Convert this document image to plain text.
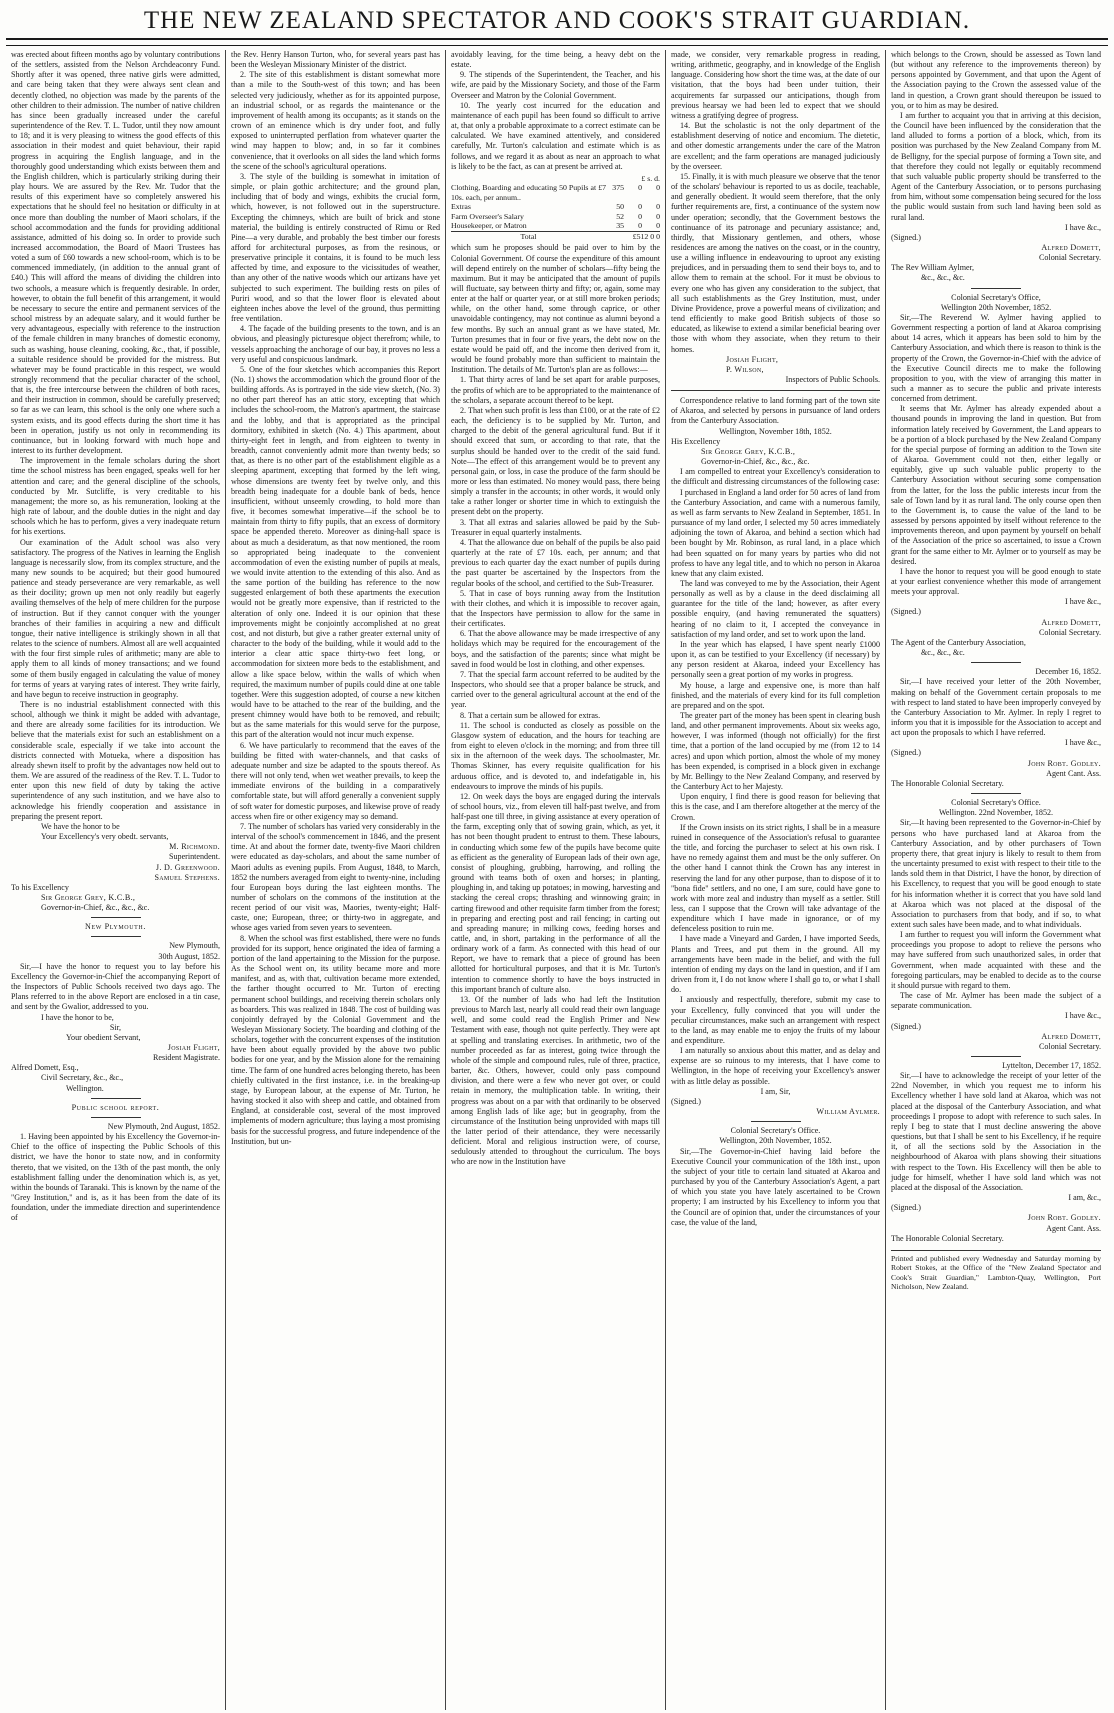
THE NEW ZEALAND SPECTATOR AND COOK'S STRAIT GUARDIAN.

was erected about fifteen months ago by voluntary contributions of the settlers, assisted from the Nelson Archdeaconry Fund. Shortly after it was opened, three native girls were admitted, and care being taken that they were always sent clean and decently clothed, no objection was made by the parents of the other children to their admission. The number of native children has since been gradually increased under the careful superintendence of the Rev. T. L. Tudor, until they now amount to 18; and it is very pleasing to witness the good effects of this association in their modest and quiet behaviour, their rapid progress in acquiring the English language, and in the thoroughly good understanding which exists between them and the English children, which is particularly striking during their play hours. We are assured by the Rev. Mr. Tudor that the results of this experiment have so completely answered his expectations that he should feel no hesitation or difficulty in at once more than doubling the number of Maori scholars, if the school accommodation and the funds for providing additional assistance, admitted of his doing so. In order to provide such increased accommodation, the Board of Maori Trustees has voted a sum of £60 towards a new school-room, which is to be commenced immediately, (in addition to the annual grant of £40.) This will afford the means of dividing the children into two schools, a measure which is frequently desirable. In order, however, to obtain the full benefit of this arrangement, it would be necessary to secure the entire and permanent services of the school mistress by an adequate salary, and it would further be very advantageous, especially with reference to the instruction of the female children in many branches of domestic economy, such as washing, house cleaning, cooking, &c., that, if possible, a suitable residence should be provided for the mistress. But whatever may be found practicable in this respect, we would strongly recommend that the peculiar character of the school, that is, the free intercourse between the children of both races, and their instruction in common, should be carefully preserved; so far as we can learn, this school is the only one where such a system exists, and its good effects during the short time it has been in operation, justify us not only in recommending its continuance, but in looking forward with much hope and interest to its further development.

The improvement in the female scholars during the short time the school mistress has been engaged, speaks well for her attention and care; and the general discipline of the schools, conducted by Mr. Sutcliffe, is very creditable to his management; the more so, as his remuneration, looking at the high rate of labour, and the double duties in the night and day schools which he has to perform, gives a very inadequate return for his exertions.

Our examination of the Adult school was also very satisfactory. The progress of the Natives in learning the English language is necessarily slow, from its complex structure, and the many new sounds to be acquired; but their good humoured patience and steady perseverance are very remarkable, as well as their docility; grown up men not only readily but eagerly availing themselves of the help of mere children for the purpose of instruction. But if they cannot conquer with the younger branches of their families in acquiring a new and difficult tongue, their native intelligence is strikingly shown in all that relates to the science of numbers. Almost all are well acquainted with the four first simple rules of arithmetic; many are able to apply them to all kinds of money transactions; and we found some of them busily engaged in calculating the value of money for terms of years at varying rates of interest. They write fairly, and have begun to receive instruction in geography.

There is no industrial establishment connected with this school, although we think it might be added with advantage, and there are already some facilities for its introduction. We believe that the materials exist for such an establishment on a considerable scale, especially if we take into account the districts connected with Motueka, where a disposition has already shewn itself to profit by the advantages now held out to them. We are assured of the readiness of the Rev. T. L. Tudor to enter upon this new field of duty by taking the active superintendence of any such institution, and we have also to acknowledge his friendly cooperation and assistance in preparing the present report.

We have the honor to be

Your Excellency's very obedt. servants,

M. Richmond.

Superintendent.

J. D. Greenwood.

Samuel Stephens.

To his Excellency

Sir George Grey, K.C.B.,

Governor-in-Chief, &c., &c., &c.

New Plymouth.

New Plymouth,

30th August, 1852.

Sir,—I have the honor to request you to lay before his Excellency the Governor-in-Chief the accompanying Report of the Inspectors of Public Schools received two days ago. The Plans referred to in the above Report are enclosed in a tin case, and sent by the Gwalior, addressed to you.

I have the honor to be,

Sir,

Your obedient Servant,

Josiah Flight,

Resident Magistrate.

Alfred Domett, Esq.,

Civil Secretary, &c., &c.,

Wellington.

Public school report.

New Plymouth, 2nd August, 1852.

1. Having been appointed by his Excellency the Governor-in-Chief to the office of inspecting the Public Schools of this district, we have the honor to state now, and in conformity thereto, that we visited, on the 13th of the past month, the only establishment falling under the denomination which is, as yet, within the bounds of Taranaki. This is known by the name of the "Grey Institution," and is, as it has been from the date of its foundation, under the immediate direction and superintendence of

the Rev. Henry Hanson Turton, who, for several years past has been the Wesleyan Missionary Minister of the district.

2. The site of this establishment is distant somewhat more than a mile to the South-west of this town; and has been selected very judiciously, whether as for its appointed purpose, an industrial school, or as regards the maintenance or the improvement of health among its occupants; as it stands on the crown of an eminence which is dry under foot, and fully exposed to uninterrupted perflation from whatever quarter the wind may happen to blow; and, in so far it combines convenience, that it overlooks on all sides the land which forms the scene of the school's agricultural operations.

3. The style of the building is somewhat in imitation of simple, or plain gothic architecture; and the ground plan, including that of body and wings, exhibits the crucial form, which, however, is not followed out in the superstructure. Excepting the chimneys, which are built of brick and stone material, the building is entirely constructed of Rimu or Red Pine—a very durable, and probably the best timber our forests afford for architectural purposes, as from the resinous, or preservative principle it contains, it is found to be much less affected by time, and exposure to the vicissitudes of weather, than any other of the native woods which our artizans have yet subjected to such experiment. The building rests on piles of Puriri wood, and so that the lower floor is elevated about eighteen inches above the level of the ground, thus permitting free ventilation.

4. The façade of the building presents to the town, and is an obvious, and pleasingly picturesque object therefrom; while, to vessels approaching the anchorage of our bay, it proves no less a very useful and conspicuous landmark.

5. One of the four sketches which accompanies this Report (No. 1) shows the accommodation which the ground floor of the building affords. As is portrayed in the side view sketch, (No. 3) no other part thereof has an attic story, excepting that which includes the school-room, the Matron's apartment, the staircase and the lobby, and that is appropriated as the principal dormitory, exhibited in sketch (No. 4.) This apartment, about thirty-eight feet in length, and from eighteen to twenty in breadth, cannot conveniently admit more than twenty beds; so that, as there is no other part of the establishment eligible as a sleeping apartment, excepting that formed by the left wing, whose dimensions are twenty feet by twelve only, and this breadth being inadequate for a double bank of beds, hence insufficient, without unseemly crowding, to hold more than five, it becomes somewhat imperative—if the school be to maintain from thirty to fifty pupils, that an excess of dormitory space be appended thereto. Moreover as dining-hall space is about as much a desideratum, as that now mentioned, the room so appropriated being inadequate to the convenient accommodation of even the existing number of pupils at meals, we would invite attention to the extending of this also. And as the same portion of the building has reference to the now suggested enlargement of both these apartments the execution would not be greatly more expensive, than if restricted to the alteration of only one. Indeed it is our opinion that these improvements might be conjointly accomplished at no great cost, and not disturb, but give a rather greater external unity of character to the body of the building, while it would add to the interior a clear attic space thirty-two feet long, or accommodation for sixteen more beds to the establishment, and allow a like space below, within the walls of which when required, the maximum number of pupils could dine at one table together. Were this suggestion adopted, of course a new kitchen would have to be attached to the rear of the building, and the present chimney would have both to be removed, and rebuilt; but as the same materials for this would serve for the purpose, this part of the alteration would not incur much expense.

6. We have particularly to recommend that the eaves of the building be fitted with water-channels, and that casks of adequate number and size be adapted to the spouts thereof. As there will not only tend, when wet weather prevails, to keep the immediate environs of the building in a comparatively comfortable state, but will afford generally a convenient supply of soft water for domestic purposes, and likewise prove of ready access when fire or other exigency may so demand.

7. The number of scholars has varied very considerably in the interval of the school's commencement in 1846, and the present time. At and about the former date, twenty-five Maori children were educated as day-scholars, and about the same number of Maori adults as evening pupils. From August, 1848, to March, 1852 the numbers averaged from eight to twenty-nine, including four European boys during the last eighteen months. The number of scholars on the commons of the institution at the recent period of our visit was, Maories, twenty-eight; Half-caste, one; European, three; or thirty-two in aggregate, and whose ages varied from seven years to seventeen.

8. When the school was first established, there were no funds provided for its support, hence originated the idea of farming a portion of the land appertaining to the Mission for the purpose. As the School went on, its utility became more and more manifest, and as, with that, cultivation became more extended, the farther thought occurred to Mr. Turton of erecting permanent school buildings, and receiving therein scholars only as boarders. This was realized in 1848. The cost of building was conjointly defrayed by the Colonial Government and the Wesleyan Missionary Society. The boarding and clothing of the scholars, together with the concurrent expenses of the institution have been about equally provided by the above two public bodies for one year, and by the Mission alone for the remaining time. The farm of one hundred acres belonging thereto, has been chiefly cultivated in the first instance, i.e. in the breaking-up stage, by European labour, at the expense of Mr. Turton, he having stocked it also with sheep and cattle, and obtained from England, at considerable cost, several of the most improved implements of modern agriculture; thus laying a most promising basis for the successful progress, and future independence of the Institution, but un-

avoidably leaving, for the time being, a heavy debt on the estate.

9. The stipends of the Superintendent, the Teacher, and his wife, are paid by the Missionary Society, and those of the Farm Overseer and Matron by the Colonial Government.

10. The yearly cost incurred for the education and maintenance of each pupil has been found so difficult to arrive at, that only a probable approximate to a correct estimate can be calculated. We have examined attentively, and considered carefully, Mr. Turton's calculation and estimate which is as follows, and we regard it as about as near an approach to what is likely to be the fact, as can at present be arrived at.

	£ s. d.		
Clothing, Boarding and educating 50 Pupils at £7 10s. each, per annum..	375	0	0
Extras	50	0	0
Farm Overseer's Salary	52	0	0
Housekeeper, or Matron	35	0	0
Total	£512 0 0		

which sum he proposes should be paid over to him by the Colonial Government. Of course the expenditure of this amount will depend entirely on the number of scholars—fifty being the maximum. But it may be anticipated that the amount of pupils will fluctuate, say between thirty and fifty; or, again, some may enter at the half or quarter year, or at still more broken periods; while, on the other hand, some through caprice, or other unavoidable contingency, may not continue as alumni beyond a few months. By such an annual grant as we have stated, Mr. Turton presumes that in four or five years, the debt now on the estate would be paid off, and the income then derived from it, would be found probably more than sufficient to maintain the Institution. The details of Mr. Turton's plan are as follows:—

1. That thirty acres of land be set apart for arable purposes, the profits of which are to be appropriated to the maintenance of the scholars, a separate account thereof to be kept.

2. That when such profit is less than £100, or at the rate of £2 each, the deficiency is to be supplied by Mr. Turton, and charged to the debit of the general agricultural fund. But if it should exceed that sum, or according to that rate, that the surplus should be handed over to the credit of the said fund. Note—The effect of this arrangement would be to prevent any personal gain, or loss, in case the produce of the farm should be more or less than estimated. No money would pass, there being simply a transfer in the accounts; in other words, it would only take a rather longer or shorter time in which to extinguish the present debt on the property.

3. That all extras and salaries allowed be paid by the Sub-Treasurer in equal quarterly instalments.

4. That the allowance due on behalf of the pupils be also paid quarterly at the rate of £7 10s. each, per annum; and that previous to each quarter day the exact number of pupils during the past quarter be ascertained by the Inspectors from the regular books of the school, and certified to the Sub-Treasurer.

5. That in case of boys running away from the Institution with their clothes, and which it is impossible to recover again, that the Inspectors have permission to allow for the same in their certificates.

6. That the above allowance may be made irrespective of any holidays which may be required for the encouragement of the boys, and the satisfaction of the parents; since what might be saved in food would be lost in clothing, and other expenses.

7. That the special farm account referred to be audited by the Inspectors, who should see that a proper balance be struck, and carried over to the general agricultural account at the end of the year.

8. That a certain sum be allowed for extras.

11. The school is conducted as closely as possible on the Glasgow system of education, and the hours for teaching are from eight to eleven o'clock in the morning; and from three till six in the afternoon of the week days. The schoolmaster, Mr. Thomas Skinner, has every requisite qualification for his arduous office, and is devoted to, and indefatigable in, his endeavours to improve the minds of his pupils.

12. On week days the boys are engaged during the intervals of school hours, viz., from eleven till half-past twelve, and from half-past one till three, in giving assistance at every operation of the farm, excepting only that of sowing grain, which, as yet, it has not been thought prudent to entrust to them. These labours, in conducting which some few of the pupils have become quite as efficient as the generality of European lads of their own age, consist of ploughing, grubbing, harrowing, and rolling the ground with teams both of oxen and horses; in planting, ploughing in, and taking up potatoes; in mowing, harvesting and stacking the cereal crops; thrashing and winnowing grain; in carting firewood and other requisite farm timber from the forest; in preparing and erecting post and rail fencing; in carting out and spreading manure; in milking cows, feeding horses and cattle, and, in short, partaking in the performance of all the ordinary work of a farm. As connected with this head of our Report, we have to remark that a piece of ground has been allotted for horticultural purposes, and that it is Mr. Turton's intention to commence shortly to have the boys instructed in this important branch of culture also.

13. Of the number of lads who had left the Institution previous to March last, nearly all could read their own language well, and some could read the English Primer and New Testament with ease, though not quite perfectly. They were apt at spelling and translating exercises. In arithmetic, two of the number proceeded as far as interest, going twice through the whole of the simple and compound rules, rule of three, practice, barter, &c. Others, however, could only pass compound division, and there were a few who never got over, or could retain in memory, the multiplication table. In writing, their progress was about on a par with that ordinarily to be observed among English lads of like age; but in geography, from the circumstance of the Institution being unprovided with maps till the latter period of their attendance, they were necessarily deficient. Moral and religious instruction were, of course, sedulously attended to throughout the curriculum. The boys who are now in the Institution have

made, we consider, very remarkable progress in reading, writing, arithmetic, geography, and in knowledge of the English language. Considering how short the time was, at the date of our visitation, that the boys had been under tuition, their acquirements far surpassed our anticipations, though from previous hearsay we had been led to expect that we should witness a gratifying degree of progress.

14. But the scholastic is not the only department of the establishment deserving of notice and encomium. The dietetic, and other domestic arrangements under the care of the Matron are excellent; and the farm operations are managed judiciously by the overseer.

15. Finally, it is with much pleasure we observe that the tenor of the scholars' behaviour is reported to us as docile, teachable, and generally obedient. It would seem therefore, that the only further requirements are, first, a continuance of the system now under operation; secondly, that the Government bestows the continuance of its patronage and pecuniary assistance; and, thirdly, that Missionary gentlemen, and others, whose residences are among the natives on the coast, or in the country, use a willing influence in endeavouring to uproot any existing prejudices, and in persuading them to send their boys to, and to allow them to remain at the school. For it must be obvious to every one who has given any consideration to the subject, that all such establishments as the Grey Institution, must, under Divine Providence, prove a powerful means of civilization; and tend efficiently to make good British subjects of those so educated, as likewise to extend a similar beneficial bearing over those with whom they associate, when they return to their homes.

Josiah Flight,

P. Wilson,

Inspectors of Public Schools.

Correspondence relative to land forming part of the town site of Akaroa, and selected by persons in pursuance of land orders from the Canterbury Association.

Wellington, November 18th, 1852.

His Excellency

Sir George Grey, K.C.B.,

Governor-in-Chief, &c., &c., &c.

I am compelled to entreat your Excellency's consideration to the difficult and distressing circumstances of the following case:

I purchased in England a land order for 50 acres of land from the Canterbury Association, and came with a numerous family, as well as farm servants to New Zealand in September, 1851. In pursuance of my land order, I selected my 50 acres immediately adjoining the town of Akaroa, and behind a section which had been bought by Mr. Robinson, as rural land, in a place which had been squatted on for many years by parties who did not profess to have any legal title, and to which no person in Akaroa knew that any claim existed.

The land was conveyed to me by the Association, their Agent personally as well as by a clause in the deed disclaiming all guarantee for the title of the land; however, as after every possible enquiry, (and having remunerated the squatters) hearing of no claim to it, I accepted the conveyance in satisfaction of my land order, and set to work upon the land.

In the year which has elapsed, I have spent nearly £1000 upon it, as can be testified to your Excellency (if necessary) by any person resident at Akaroa, indeed your Excellency has personally seen a great portion of my works in progress.

My house, a large and expensive one, is more than half finished, and the materials of every kind for its full completion are prepared and on the spot.

The greater part of the money has been spent in clearing bush land, and other permanent improvements. About six weeks ago, however, I was informed (though not officially) for the first time, that a portion of the land occupied by me (from 12 to 14 acres) and upon which portion, almost the whole of my money has been expended, is comprised in a block given in exchange by Mr. Bellingy to the New Zealand Company, and reserved by the Canterbury Act to her Majesty.

Upon enquiry, I find there is good reason for believing that this is the case, and I am therefore altogether at the mercy of the Crown.

If the Crown insists on its strict rights, I shall be in a measure ruined in consequence of the Association's refusal to guarantee the title, and forcing the purchaser to select at his own risk. I have no remedy against them and must be the only sufferer. On the other hand I cannot think the Crown has any interest in reserving the land for any other purpose, than to dispose of it to "bona fide" settlers, and no one, I am sure, could have gone to work with more zeal and industry than myself as a settler. Still less, can I suppose that the Crown will take advantage of the expenditure which I have made in ignorance, or of my defenceless position to ruin me.

I have made a Vineyard and Garden, I have imported Seeds, Plants and Trees, and put them in the ground. All my arrangements have been made in the belief, and with the full intention of ending my days on the land in question, and if I am driven from it, I do not know where I shall go to, or what I shall do.

I anxiously and respectfully, therefore, submit my case to your Excellency, fully convinced that you will under the peculiar circumstances, make such an arrangement with respect to the land, as may enable me to enjoy the fruits of my labour and expenditure.

I am naturally so anxious about this matter, and as delay and expense are so ruinous to my interests, that I have come to Wellington, in the hope of receiving your Excellency's answer with as little delay as possible.

I am, Sir,

(Signed.)

William Aylmer.

Colonial Secretary's Office.

Wellington, 20th November, 1852.

Sir,—The Governor-in-Chief having laid before the Executive Council your communication of the 18th inst., upon the subject of your title to certain land situated at Akaroa and purchased by you of the Canterbury Association's Agent, a part of which you state you have lately ascertained to be Crown property; I am instructed by his Excellency to inform you that the Council are of opinion that, under the circumstances of your case, the value of the land,

which belongs to the Crown, should be assessed as Town land (but without any reference to the improvements thereon) by persons appointed by Government, and that upon the Agent of the Association paying to the Crown the assessed value of the land in question, a Crown grant should thereupon be issued to you, or to him as may be desired.

I am further to acquaint you that in arriving at this decision, the Council have been influenced by the consideration that the land alluded to forms a portion of a block, which, from its position was purchased by the New Zealand Company from M. de Belligny, for the special purpose of forming a Town site, and that therefore they could not legally or equitably recommend that such valuable public property should be transferred to the Agent of the Canterbury Association, or to persons purchasing from him, without some compensation being secured for the loss the public would sustain from such land having been sold as rural land.

I have &c.,

(Signed.)

Alfred Domett,

Colonial Secretary.

The Rev William Aylmer,

&c., &c., &c.

Colonial Secretary's Office,

Wellington 20th November, 1852.

Sir,—The Reverend W. Aylmer having applied to Government respecting a portion of land at Akaroa comprising about 14 acres, which it appears has been sold to him by the Canterbury Association, and which there is reason to think is the property of the Crown, the Governor-in-Chief with the advice of the Executive Council directs me to make the following proposition to you, with the view of arranging this matter in such a manner as to secure the public and private interests concerned from detriment.

It seems that Mr. Aylmer has already expended about a thousand pounds in improving the land in question. But from information lately received by Government, the Land appears to be a portion of a block purchased by the New Zealand Company for the special purpose of forming an addition to the Town site of Akaroa. Government could not then, either legally or equitably, give up such valuable public property to the Canterbury Association without securing some compensation from the latter, for the loss the public interests incur from the sale of Town land by it as rural land. The only course open then to the Government is, to cause the value of the land to be assessed by persons appointed by itself without reference to the improvements thereon, and upon payment by yourself on behalf of the Association of the price so ascertained, to issue a Crown grant for the same either to Mr. Aylmer or to yourself as may be desired.

I have the honor to request you will be good enough to state at your earliest convenience whether this mode of arrangement meets your approval.

I have &c.,

(Signed.)

Alfred Domett,

Colonial Secretary.

The Agent of the Canterbury Association,

&c., &c., &c.

December 16, 1852.

Sir,—I have received your letter of the 20th November, making on behalf of the Government certain proposals to me with respect to land stated to have been improperly conveyed by the Canterbury Association to Mr. Aylmer. In reply I regret to inform you that it is impossible for the Association to accept and act upon the proposals to which I have referred.

I have &c.,

(Signed.)

John Robt. Godley.

Agent Cant. Ass.

The Honorable Colonial Secretary.

Colonial Secretary's Office.

Wellington. 22nd November, 1852.

Sir,—It having been represented to the Governor-in-Chief by persons who have purchased land at Akaroa from the Canterbury Association, and by other purchasers of Town property there, that great injury is likely to result to them from the uncertainty presumed to exist with respect to their title to the lands sold them in that District, I have the honor, by direction of his Excellency, to request that you will be good enough to state for his information whether it is correct that you have sold land at Akaroa which was not placed at the disposal of the Association to purchasers from that body, and if so, to what extent such sales have been made, and to what individuals.

I am further to request you will inform the Government what proceedings you propose to adopt to relieve the persons who may have suffered from such unauthorized sales, in order that Government, when made acquainted with these and the foregoing particulars, may be enabled to decide as to the course it should pursue with regard to them.

The case of Mr. Aylmer has been made the subject of a separate communication.

I have &c.,

(Signed.)

Alfred Domett,

Colonial Secretary.

Lyttelton, December 17, 1852.

Sir,—I have to acknowledge the receipt of your letter of the 22nd November, in which you request me to inform his Excellency whether I have sold land at Akaroa, which was not placed at the disposal of the Canterbury Association, and what proceedings I propose to adopt with reference to such sales. In reply I beg to state that I must decline answering the above questions, but that I shall be sent to his Excellency, if he require it, of all the sections sold by the Association in the neighbourhood of Akaroa with plans showing their situations with respect to the Town. His Excellency will then be able to judge for himself, whether I have sold land which was not placed at the disposal of the Association.

I am, &c.,

(Signed.)

John Robt. Godley.

Agent Cant. Ass.

The Honorable Colonial Secretary.

Printed and published every Wednesday and Saturday morning by Robert Stokes, at the Office of the "New Zealand Spectator and Cook's Strait Guardian," Lambton-Quay, Wellington, Port Nicholson, New Zealand.
